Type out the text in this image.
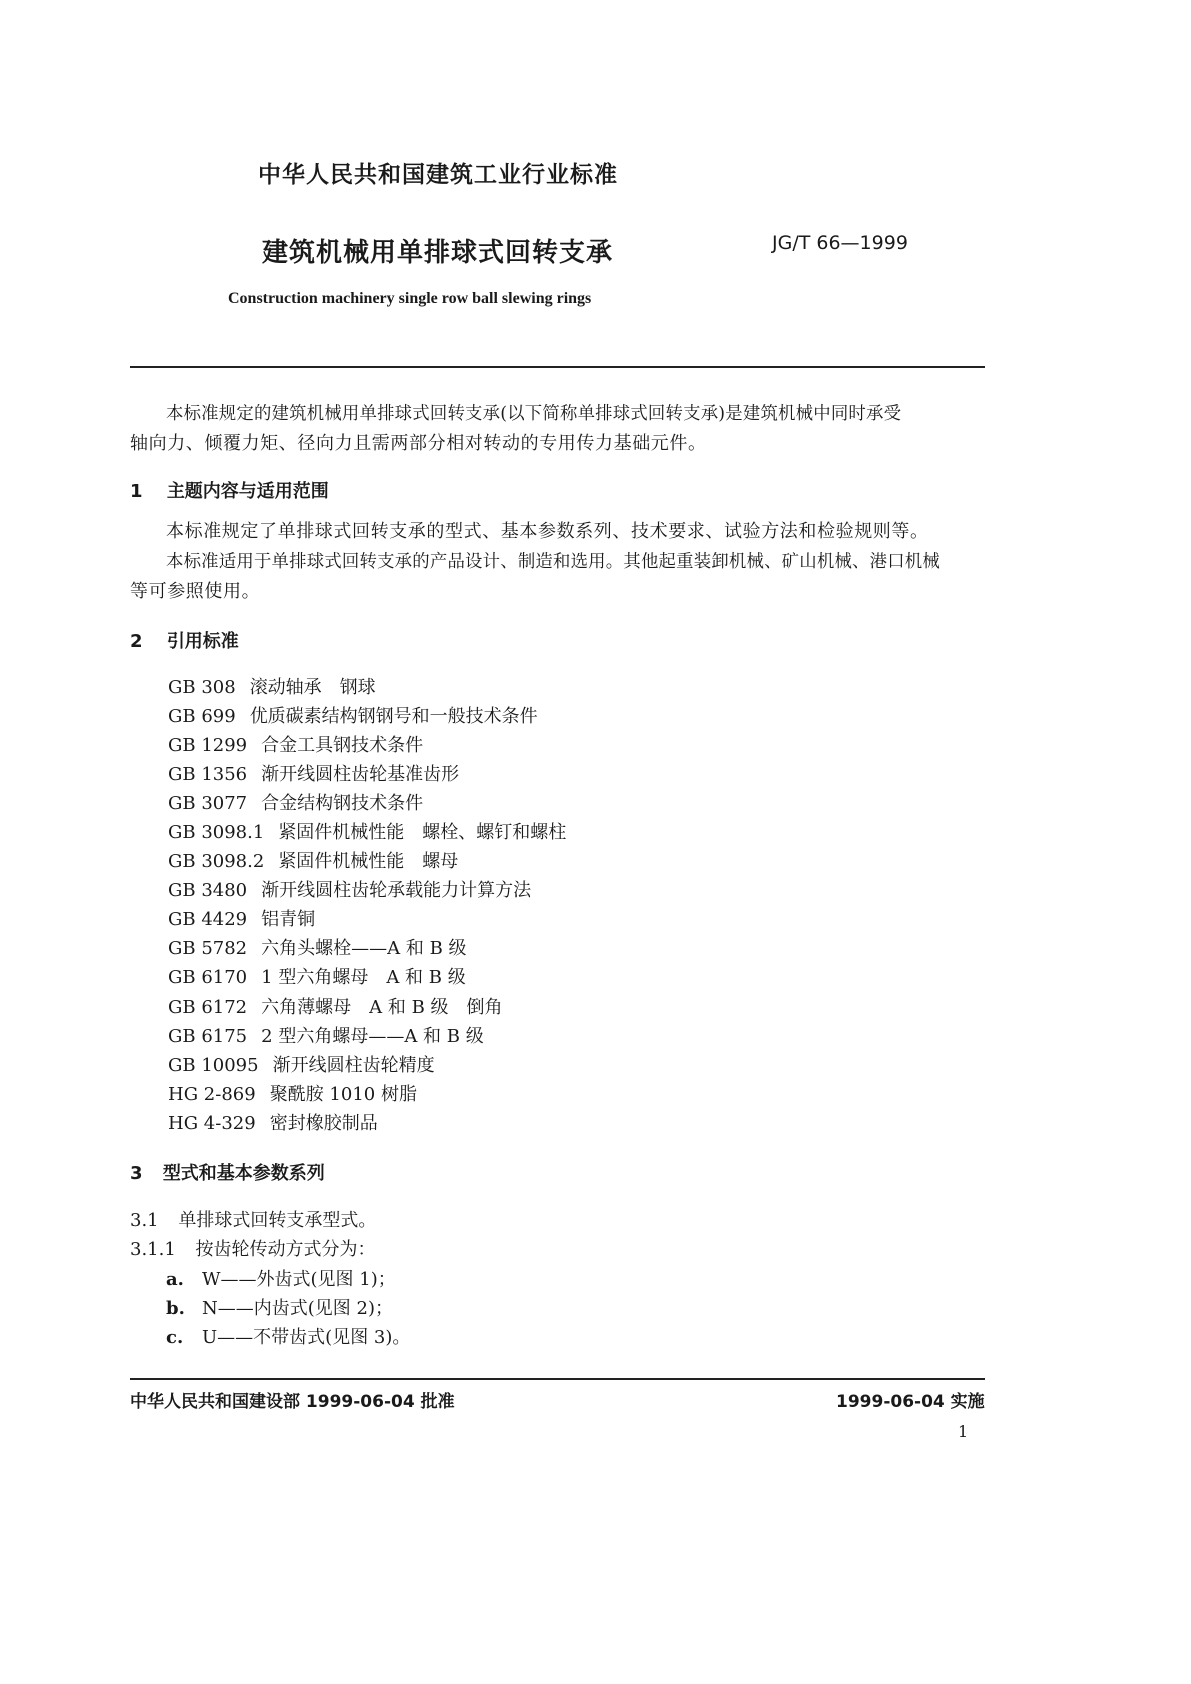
中华人民共和国建筑工业行业标准
建筑机械用单排球式回转支承	JG/T 66—1999
Construction machinery single row ball slewing rings
本标准规定的建筑机械用单排球式回转支承(以下简称单排球式回转支承)是建筑机械中同时承受
轴向力、倾覆力矩、径向力且需两部分相对转动的专用传力基础元件。
1 主题内容与适用范围
本标准规定了单排球式回转支承的型式、基本参数系列、技术要求、试验方法和检验规则等。
本标准适用于单排球式回转支承的产品设计、制造和选用。其他起重装卸机械、矿山机械、港口机械
等可参照使用。
2 引用标准
GB 308 滚动轴承　钢球
GB 699 优质碳素结构钢钢号和一般技术条件
GB 1299 合金工具钢技术条件
GB 1356 渐开线圆柱齿轮基准齿形
GB 3077 合金结构钢技术条件
GB 3098.1 紧固件机械性能　螺栓、螺钉和螺柱
GB 3098.2 紧固件机械性能　螺母
GB 3480 渐开线圆柱齿轮承载能力计算方法
GB 4429 铝青铜
GB 5782 六角头螺栓——A 和 B 级
GB 6170 1 型六角螺母　A 和 B 级
GB 6172 六角薄螺母　A 和 B 级　倒角
GB 6175 2 型六角螺母——A 和 B 级
GB 10095 渐开线圆柱齿轮精度
HG 2-869 聚酰胺 1010 树脂
HG 4-329 密封橡胶制品
3 型式和基本参数系列
3.1 单排球式回转支承型式。
3.1.1 按齿轮传动方式分为：
a. W——外齿式(见图 1)；
b. N——内齿式(见图 2)；
c. U——不带齿式(见图 3)。
中华人民共和国建设部 1999-06-04 批准	1999-06-04 实施
1
